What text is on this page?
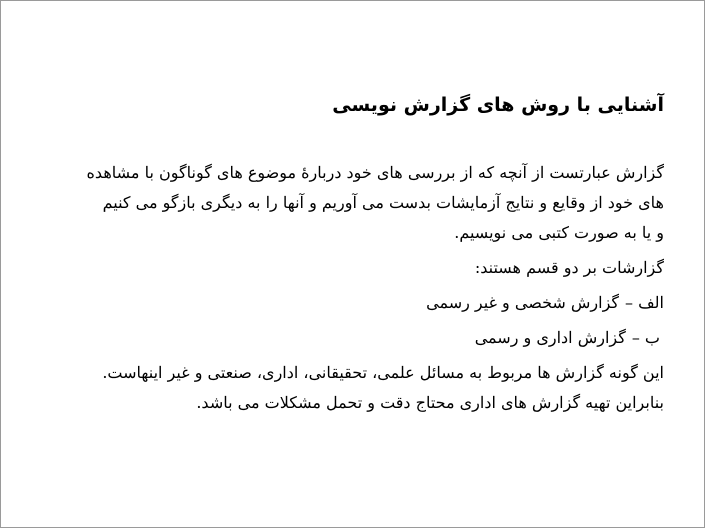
آشنایی با روش های گزارش نویسی

گزارش عبارتست از آنچه که از بررسی های خود دربارۀ موضوع های گوناگون با مشاهده
های خود از وقایع و نتایج آزمایشات بدست می آوریم و آنها را به دیگری بازگو می کنیم
و یا به صورت کتبی می نویسیم.

گزارشات بر دو قسم هستند:

الف –گزارش شخصی و غیر رسمی

ب –گزارش اداری و رسمی

این گونه گزارش ها مربوط به مسائل علمی، تحقیقانی، اداری، صنعتی و غیر اینهاست.
بنابراین تهیه گزارش های اداری محتاج دقت و تحمل مشکلات می باشد.
